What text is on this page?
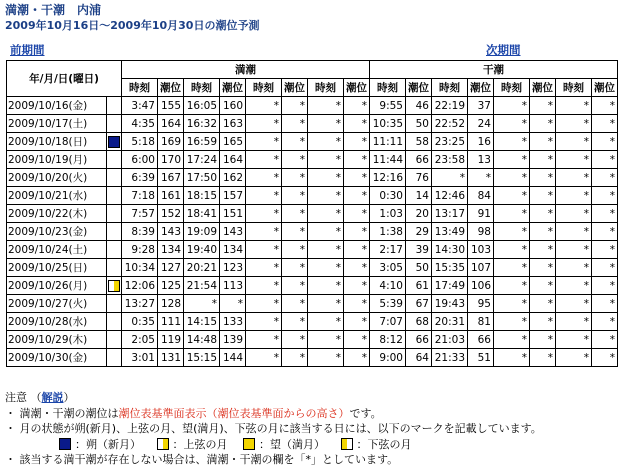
満潮・干潮　内浦
2009年10月16日～2009年10月30日の潮位予測
前期間	次期間
年/月/日(曜日)		満潮								干潮							
		時刻	潮位	時刻	潮位	時刻	潮位	時刻	潮位	時刻	潮位	時刻	潮位	時刻	潮位	時刻	潮位
2009/10/16(金)		3:47	155	16:05	160	*	*	*	*	9:55	46	22:19	37	*	*	*	*
2009/10/17(土)		4:35	164	16:32	163	*	*	*	*	10:35	50	22:52	24	*	*	*	*
2009/10/18(日)		5:18	169	16:59	165	*	*	*	*	11:11	58	23:25	16	*	*	*	*
2009/10/19(月)		6:00	170	17:24	164	*	*	*	*	11:44	66	23:58	13	*	*	*	*
2009/10/20(火)		6:39	167	17:50	162	*	*	*	*	12:16	76	*	*	*	*	*	*
2009/10/21(水)		7:18	161	18:15	157	*	*	*	*	0:30	14	12:46	84	*	*	*	*
2009/10/22(木)		7:57	152	18:41	151	*	*	*	*	1:03	20	13:17	91	*	*	*	*
2009/10/23(金)		8:39	143	19:09	143	*	*	*	*	1:38	29	13:49	98	*	*	*	*
2009/10/24(土)		9:28	134	19:40	134	*	*	*	*	2:17	39	14:30	103	*	*	*	*
2009/10/25(日)		10:34	127	20:21	123	*	*	*	*	3:05	50	15:35	107	*	*	*	*
2009/10/26(月)		12:06	125	21:54	113	*	*	*	*	4:10	61	17:49	106	*	*	*	*
2009/10/27(火)		13:27	128	*	*	*	*	*	*	5:39	67	19:43	95	*	*	*	*
2009/10/28(水)		0:35	111	14:15	133	*	*	*	*	7:07	68	20:31	81	*	*	*	*
2009/10/29(木)		2:05	119	14:48	139	*	*	*	*	8:12	66	21:03	66	*	*	*	*
2009/10/30(金)		3:01	131	15:15	144	*	*	*	*	9:00	64	21:33	51	*	*	*	*
注意 （解説）
・ 満潮・干潮の潮位は潮位表基準面表示（潮位表基準面からの高さ）です。
・ 月の状態が朔(新月)、上弦の月、望(満月)、下弦の月に該当する日には、以下のマークを記載しています。
：朔（新月）	：上弦の月	：望（満月）	：下弦の月
・ 該当する満干潮が存在しない場合は、満潮・干潮の欄を「*」としています。
